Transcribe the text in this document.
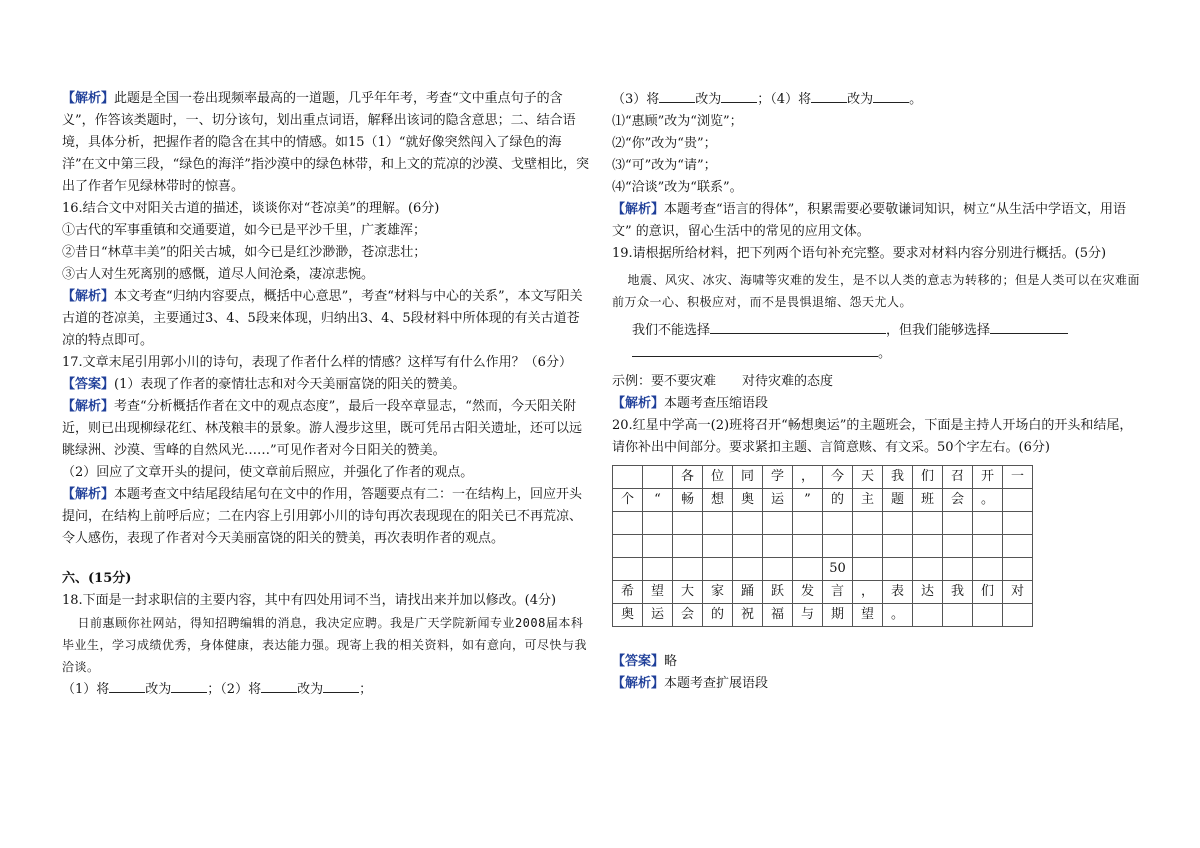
【解析】此题是全国一卷出现频率最高的一道题，几乎年年考，考查“文中重点句子的含义”，作答该类题时，一、切分该句，划出重点词语，解释出该词的隐含意思；二、结合语境，具体分析，把握作者的隐含在其中的情感。如15（1）“就好像突然闯入了绿色的海洋”在文中第三段，“绿色的海洋”指沙漠中的绿色林带，和上文的荒凉的沙漠、戈壁相比，突出了作者乍见绿林带时的惊喜。

16.结合文中对阳关古道的描述，谈谈你对“苍凉美”的理解。(6分)

①古代的军事重镇和交通要道，如今已是平沙千里，广袤雄浑；

②昔日“林草丰美”的阳关古城，如今已是红沙渺渺，苍凉悲壮；

③古人对生死离别的感慨，道尽人间沧桑，凄凉悲惋。

【解析】本文考查“归纳内容要点，概括中心意思”，考查“材料与中心的关系”，本文写阳关古道的苍凉美，主要通过3、4、5段来体现，归纳出3、4、5段材料中所体现的有关古道苍凉的特点即可。

17.文章末尾引用郭小川的诗句，表现了作者什么样的情感？这样写有什么作用？（6分）

【答案】(1）表现了作者的豪情壮志和对今天美丽富饶的阳关的赞美。

【解析】考查“分析概括作者在文中的观点态度”，最后一段卒章显志，“然而，今天阳关附近，则已出现柳绿花红、林茂粮丰的景象。游人漫步这里，既可凭吊古阳关遗址，还可以远眺绿洲、沙漠、雪峰的自然风光……”可见作者对今日阳关的赞美。

（2）回应了文章开头的提问，使文章前后照应，并强化了作者的观点。

【解析】本题考查文中结尾段结尾句在文中的作用，答题要点有二：一在结构上，回应开头提问，在结构上前呼后应；二在内容上引用郭小川的诗句再次表现现在的阳关已不再荒凉、令人感伤，表现了作者对今天美丽富饶的阳关的赞美，再次表明作者的观点。

六、(15分)

18.下面是一封求职信的主要内容，其中有四处用词不当，请找出来并加以修改。(4分)

  日前惠顾你社网站，得知招聘编辑的消息，我决定应聘。我是广天学院新闻专业2008届本科毕业生，学习成绩优秀，身体健康，表达能力强。现寄上我的相关资料，如有意向，可尽快与我洽谈。

（1）将	改为	；（2）将	改为	；

（3）将	改为	；（4）将	改为	。

⑴“惠顾”改为“浏览”；

⑵“你”改为“贵”；

⑶“可”改为“请”；

⑷“洽谈”改为“联系”。

【解析】本题考查“语言的得体”，积累需要必要敬谦词知识，树立“从生活中学语文，用语文” 的意识，留心生活中的常见的应用文体。

19.请根据所给材料，把下列两个语句补充完整。要求对材料内容分别进行概括。(5分)

  地震、风灾、冰灾、海啸等灾难的发生，是不以人类的意志为转移的；但是人类可以在灾难面前万众一心、积极应对，而不是畏惧退缩、怨天尤人。

我们不能选择	，但我们能够选择

。

示例：要不要灾难　　对待灾难的态度

【解析】本题考查压缩语段

20.红星中学高一(2)班将召开“畅想奥运”的主题班会，下面是主持人开场白的开头和结尾，请你补出中间部分。要求紧扣主题、言简意赅、有文采。50个字左右。(6分)

		各	位	同	学	，	今	天	我	们	召	开	一
个	“	畅	想	奥	运	”	的	主	题	班	会	。	

							50						
希	望	大	家	踊	跃	发	言	，	表	达	我	们	对
奥	运	会	的	祝	福	与	期	望	。				

【答案】略

【解析】本题考查扩展语段
